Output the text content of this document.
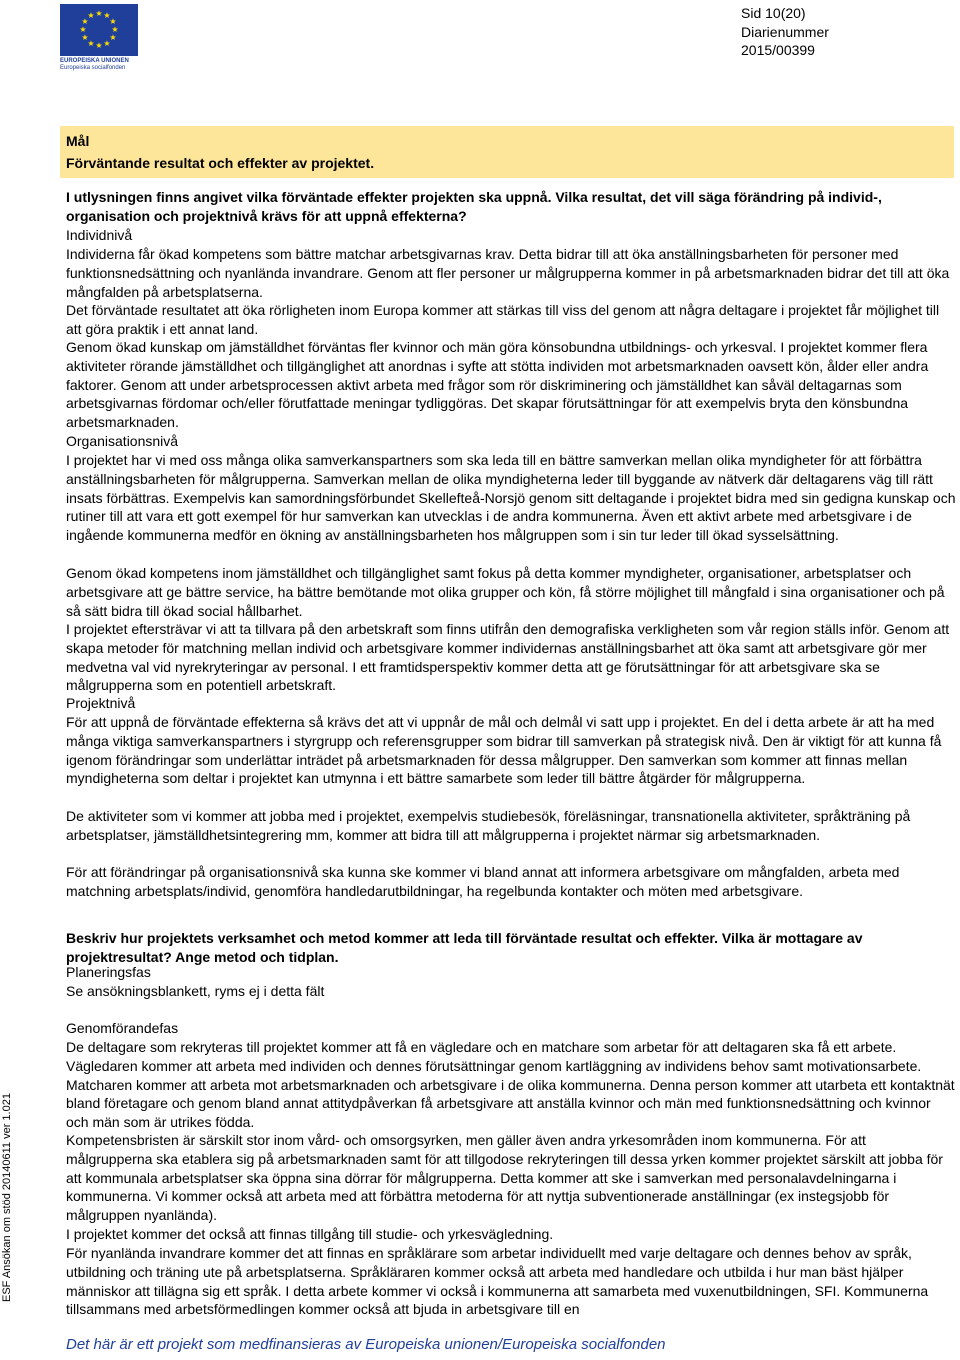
★ ★
★
★
★
★
★
★
★
★
★
★
EUROPEISKA UNIONEN
Europeiska socialfonden
Sid 10(20)
Diarienummer
2015/00399
Mål
Förväntande resultat och effekter av projektet.

I utlysningen finns angivet vilka förväntade effekter projekten ska uppnå. Vilka resultat, det vill säga förändring på individ-, organisation och projektnivå krävs för att uppnå effekterna?

Individnivå

Individerna får ökad kompetens som bättre matchar arbetsgivarnas krav. Detta bidrar till att öka anställningsbarheten för personer med funktionsnedsättning och nyanlända invandrare. Genom att fler personer ur målgrupperna kommer in på arbetsmarknaden bidrar det till att öka mångfalden på arbetsplatserna.

Det förväntade resultatet att öka rörligheten inom Europa kommer att stärkas till viss del genom att några deltagare i projektet får möjlighet till att göra praktik i ett annat land.

Genom ökad kunskap om jämställdhet förväntas fler kvinnor och män göra könsobundna utbildnings- och yrkesval. I projektet kommer flera aktiviteter rörande jämställdhet och tillgänglighet att anordnas i syfte att stötta individen mot arbetsmarknaden oavsett kön, ålder eller andra faktorer. Genom att under arbetsprocessen aktivt arbeta med frågor som rör diskriminering och jämställdhet kan såväl deltagarnas som arbetsgivarnas fördomar och/eller förutfattade meningar tydliggöras. Det skapar förutsättningar för att exempelvis bryta den könsbundna arbetsmarknaden.

Organisationsnivå

I projektet har vi med oss många olika samverkanspartners som ska leda till en bättre samverkan mellan olika myndigheter för att förbättra anställningsbarheten för målgrupperna. Samverkan mellan de olika myndigheterna leder till byggande av nätverk där deltagarens väg till rätt insats förbättras. Exempelvis kan samordningsförbundet Skellefteå-Norsjö genom sitt deltagande i projektet bidra med sin gedigna kunskap och rutiner till att vara ett gott exempel för hur samverkan kan utvecklas i de andra kommunerna. Även ett aktivt arbete med arbetsgivare i de ingående kommunerna medför en ökning av anställningsbarheten hos målgruppen som i sin tur leder till ökad sysselsättning.

Genom ökad kompetens inom jämställdhet och tillgänglighet samt fokus på detta kommer myndigheter, organisationer, arbetsplatser och arbetsgivare att ge bättre service, ha bättre bemötande mot olika grupper och kön, få större möjlighet till mångfald i sina organisationer och på så sätt bidra till ökad social hållbarhet.

I projektet eftersträvar vi att ta tillvara på den arbetskraft som finns utifrån den demografiska verkligheten som vår region ställs inför. Genom att skapa metoder för matchning mellan individ och arbetsgivare kommer individernas anställningsbarhet att öka samt att arbetsgivare gör mer medvetna val vid nyrekryteringar av personal. I ett framtidsperspektiv kommer detta att ge förutsättningar för att arbetsgivare ska se målgrupperna som en potentiell arbetskraft.

Projektnivå

För att uppnå de förväntade effekterna så krävs det att vi uppnår de mål och delmål vi satt upp i projektet. En del i detta arbete är att ha med många viktiga samverkanspartners i styrgrupp och referensgrupper som bidrar till samverkan på strategisk nivå. Den är viktigt för att kunna få igenom förändringar som underlättar inträdet på arbetsmarknaden för dessa målgrupper. Den samverkan som kommer att finnas mellan myndigheterna som deltar i projektet kan utmynna i ett bättre samarbete som leder till bättre åtgärder för målgrupperna.

De aktiviteter som vi kommer att jobba med i projektet, exempelvis studiebesök, föreläsningar, transnationella aktiviteter, språkträning på arbetsplatser, jämställdhetsintegrering mm, kommer att bidra till att målgrupperna i projektet närmar sig arbetsmarknaden.

För att förändringar på organisationsnivå ska kunna ske kommer vi bland annat att informera arbetsgivare om mångfalden, arbeta med matchning arbetsplats/individ, genomföra handledarutbildningar, ha regelbunda kontakter och möten med arbetsgivare.

Beskriv hur projektets verksamhet och metod kommer att leda till förväntade resultat och effekter. Vilka är mottagare av projektresultat? Ange metod och tidplan.

Planeringsfas

Se ansökningsblankett, ryms ej i detta fält

Genomförandefas

De deltagare som rekryteras till projektet kommer att få en vägledare och en matchare som arbetar för att deltagaren ska få ett arbete. Vägledaren kommer att arbeta med individen och dennes förutsättningar genom kartläggning av individens behov samt motivationsarbete. Matcharen kommer att arbeta mot arbetsmarknaden och arbetsgivare i de olika kommunerna. Denna person kommer att utarbeta ett kontaktnät bland företagare och genom bland annat attitydpåverkan få arbetsgivare att anställa kvinnor och män med funktionsnedsättning och kvinnor och män som är utrikes födda.

Kompetensbristen är särskilt stor inom vård- och omsorgsyrken, men gäller även andra yrkesområden inom kommunerna. För att målgrupperna ska etablera sig på arbetsmarknaden samt för att tillgodose rekryteringen till dessa yrken kommer projektet särskilt att jobba för att kommunala arbetsplatser ska öppna sina dörrar för målgrupperna. Detta kommer att ske i samverkan med personalavdelningarna i kommunerna. Vi kommer också att arbeta med att förbättra metoderna för att nyttja subventionerade anställningar (ex instegsjobb för målgruppen nyanlända).

I projektet kommer det också att finnas tillgång till studie- och yrkesvägledning.

För nyanlända invandrare kommer det att finnas en språklärare som arbetar individuellt med varje deltagare och dennes behov av språk, utbildning och träning ute på arbetsplatserna. Språkläraren kommer också att arbeta med handledare och utbilda i hur man bäst hjälper människor att tillägna sig ett språk. I detta arbete kommer vi också i kommunerna att samarbeta med vuxenutbildningen, SFI. Kommunerna tillsammans med arbetsförmedlingen kommer också att bjuda in arbetsgivare till en

ESF Ansökan om stöd 20140611 ver 1.021
Det här är ett projekt som medfinansieras av Europeiska unionen/Europeiska socialfonden
